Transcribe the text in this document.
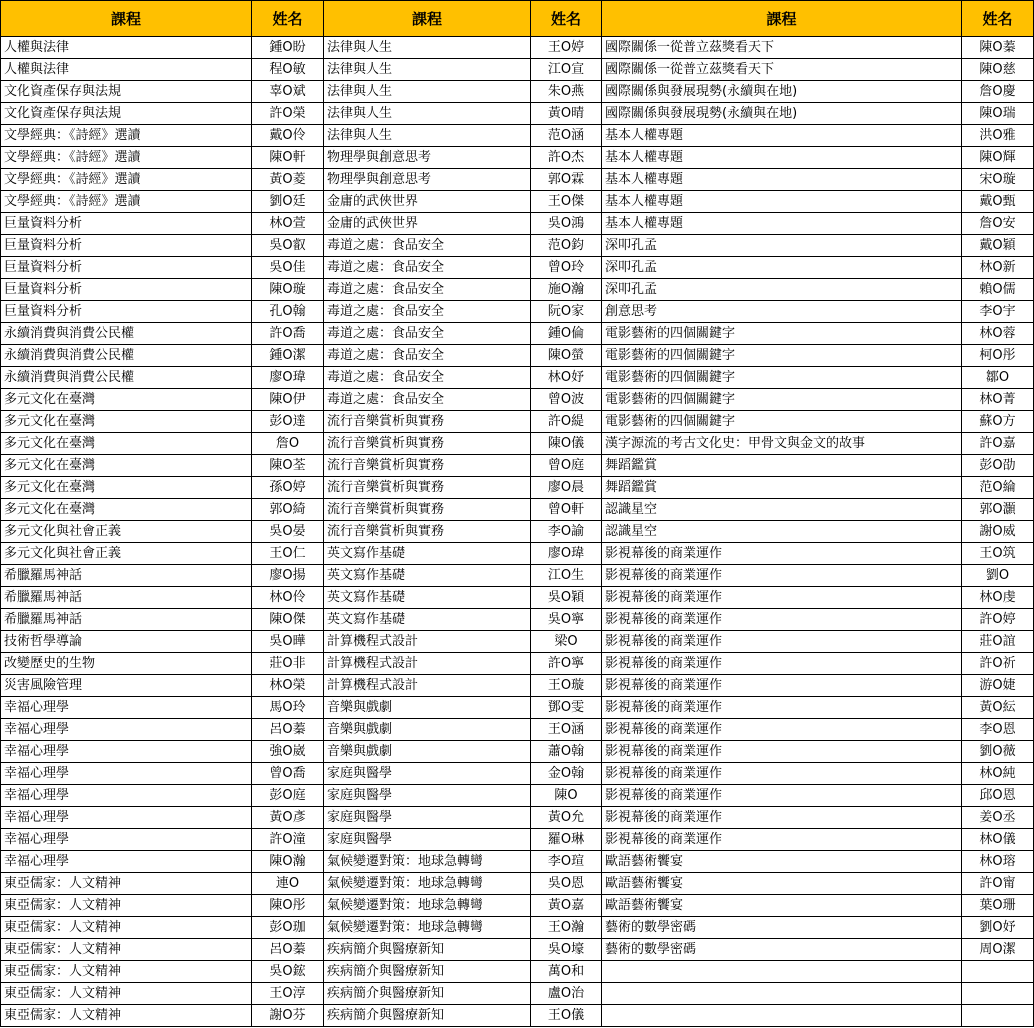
課程	姓名	課程	姓名	課程	姓名
人權與法律	鍾O盼	法律與人生	王O婷	國際關係一從普立茲獎看天下	陳O蓁
人權與法律	程O敏	法律與人生	江O宣	國際關係一從普立茲獎看天下	陳O慈
文化資產保存與法規	辜O斌	法律與人生	朱O燕	國際關係與發展現勢(永續與在地)	詹O慶
文化資產保存與法規	許O榮	法律與人生	黃O晴	國際關係與發展現勢(永續與在地)	陳O瑞
文學經典：《詩經》選讀	戴O伶	法律與人生	范O涵	基本人權專題	洪O雅
文學經典：《詩經》選讀	陳O軒	物理學與創意思考	許O杰	基本人權專題	陳O輝
文學經典：《詩經》選讀	黃O菱	物理學與創意思考	郭O霖	基本人權專題	宋O璇
文學經典：《詩經》選讀	劉O廷	金庸的武俠世界	王O傑	基本人權專題	戴O甄
巨量資料分析	林O萱	金庸的武俠世界	吳O鴻	基本人權專題	詹O安
巨量資料分析	吳O叡	毒道之處：食品安全	范O鈞	深叩孔孟	戴O穎
巨量資料分析	吳O佳	毒道之處：食品安全	曾O玲	深叩孔孟	林O新
巨量資料分析	陳O璇	毒道之處：食品安全	施O瀚	深叩孔孟	賴O儒
巨量資料分析	孔O翰	毒道之處：食品安全	阮O家	創意思考	李O宇
永續消費與消費公民權	許O喬	毒道之處：食品安全	鍾O倫	電影藝術的四個關鍵字	林O蓉
永續消費與消費公民權	鍾O潔	毒道之處：食品安全	陳O螢	電影藝術的四個關鍵字	柯O彤
永續消費與消費公民權	廖O瑋	毒道之處：食品安全	林O妤	電影藝術的四個關鍵字	鄒O
多元文化在臺灣	陳O伊	毒道之處：食品安全	曾O波	電影藝術的四個關鍵字	林O菁
多元文化在臺灣	彭O達	流行音樂賞析與實務	許O緹	電影藝術的四個關鍵字	蘇O方
多元文化在臺灣	詹O	流行音樂賞析與實務	陳O儀	漢字源流的考古文化史：甲骨文與金文的故事	許O嘉
多元文化在臺灣	陳O荃	流行音樂賞析與實務	曾O庭	舞蹈鑑賞	彭O劭
多元文化在臺灣	孫O婷	流行音樂賞析與實務	廖O晨	舞蹈鑑賞	范O綸
多元文化在臺灣	郭O綺	流行音樂賞析與實務	曾O軒	認識星空	郭O灝
多元文化與社會正義	吳O晏	流行音樂賞析與實務	李O諭	認識星空	謝O威
多元文化與社會正義	王O仁	英文寫作基礎	廖O瑋	影視幕後的商業運作	王O筑
希臘羅馬神話	廖O揚	英文寫作基礎	江O生	影視幕後的商業運作	劉O
希臘羅馬神話	林O伶	英文寫作基礎	吳O穎	影視幕後的商業運作	林O虔
希臘羅馬神話	陳O傑	英文寫作基礎	吳O寧	影視幕後的商業運作	許O婷
技術哲學導論	吳O曄	計算機程式設計	梁O	影視幕後的商業運作	莊O誼
改變歷史的生物	莊O非	計算機程式設計	許O寧	影視幕後的商業運作	許O祈
災害風險管理	林O榮	計算機程式設計	王O璇	影視幕後的商業運作	游O婕
幸福心理學	馬O玲	音樂與戲劇	鄧O雯	影視幕後的商業運作	黃O紜
幸福心理學	呂O蓁	音樂與戲劇	王O涵	影視幕後的商業運作	李O恩
幸福心理學	強O崴	音樂與戲劇	蕭O翰	影視幕後的商業運作	劉O薇
幸福心理學	曾O喬	家庭與醫學	金O翰	影視幕後的商業運作	林O純
幸福心理學	彭O庭	家庭與醫學	陳O	影視幕後的商業運作	邱O恩
幸福心理學	黃O彥	家庭與醫學	黃O允	影視幕後的商業運作	姜O丞
幸福心理學	許O潼	家庭與醫學	羅O琳	影視幕後的商業運作	林O儀
幸福心理學	陳O瀚	氣候變遷對策：地球急轉彎	李O瑄	歐語藝術饗宴	林O瑢
東亞儒家：人文精神	連O	氣候變遷對策：地球急轉彎	吳O恩	歐語藝術饗宴	許O甯
東亞儒家：人文精神	陳O彤	氣候變遷對策：地球急轉彎	黃O嘉	歐語藝術饗宴	葉O珊
東亞儒家：人文精神	彭O珈	氣候變遷對策：地球急轉彎	王O瀚	藝術的數學密碼	劉O妤
東亞儒家：人文精神	呂O蓁	疾病簡介與醫療新知	吳O壕	藝術的數學密碼	周O潔
東亞儒家：人文精神	吳O鋐	疾病簡介與醫療新知	萬O和		
東亞儒家：人文精神	王O淳	疾病簡介與醫療新知	盧O治		
東亞儒家：人文精神	謝O芬	疾病簡介與醫療新知	王O儀		
